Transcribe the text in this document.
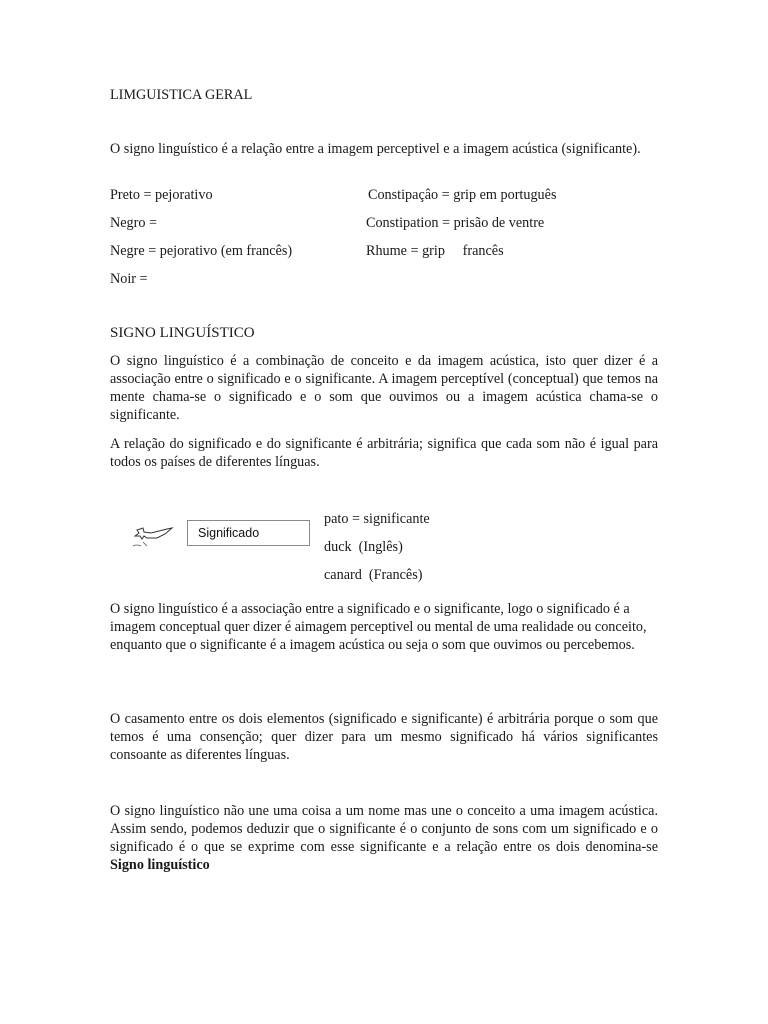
LIMGUISTICA GERAL

O signo linguístico é a relação entre a imagem perceptivel e a imagem acústica (significante).

Preto = pejorativo

Negro =

Negre = pejorativo (em francês)

Noir =

Constipaçâo = grip em português

Constipation = prisão de ventre

Rhume = grip     francês

SIGNO LINGUÍSTICO

O signo linguístico é a combinação de conceito e da imagem acústica, isto quer dizer é a associação entre o significado e o significante. A imagem perceptível (conceptual) que temos na mente chama-se o significado e o som que ouvimos ou a imagem acústica chama-se o significante.

A relação do significado e do significante é arbitrária; significa que cada som não é igual para todos os países de diferentes línguas.

Significado

pato = significante

duck  (Inglês)

canard  (Francês)

O signo linguístico é a associação entre a significado e o significante, logo o significado é a imagem conceptual quer dizer é aimagem perceptivel ou mental de uma realidade ou conceito, enquanto que o significante é a imagem acústica ou seja o som que ouvimos ou percebemos.

O casamento entre os dois elementos (significado e significante) é arbitrária porque o som que temos é uma consenção; quer dizer para um mesmo significado há vários significantes consoante as diferentes línguas.

O signo linguístico não une uma coisa a um nome mas une o conceito a uma imagem acústica. Assim sendo, podemos deduzir que o significante é o conjunto de sons com um significado e o significado é o que se exprime com esse significante e a relação entre os dois denomina-se Signo linguístico
